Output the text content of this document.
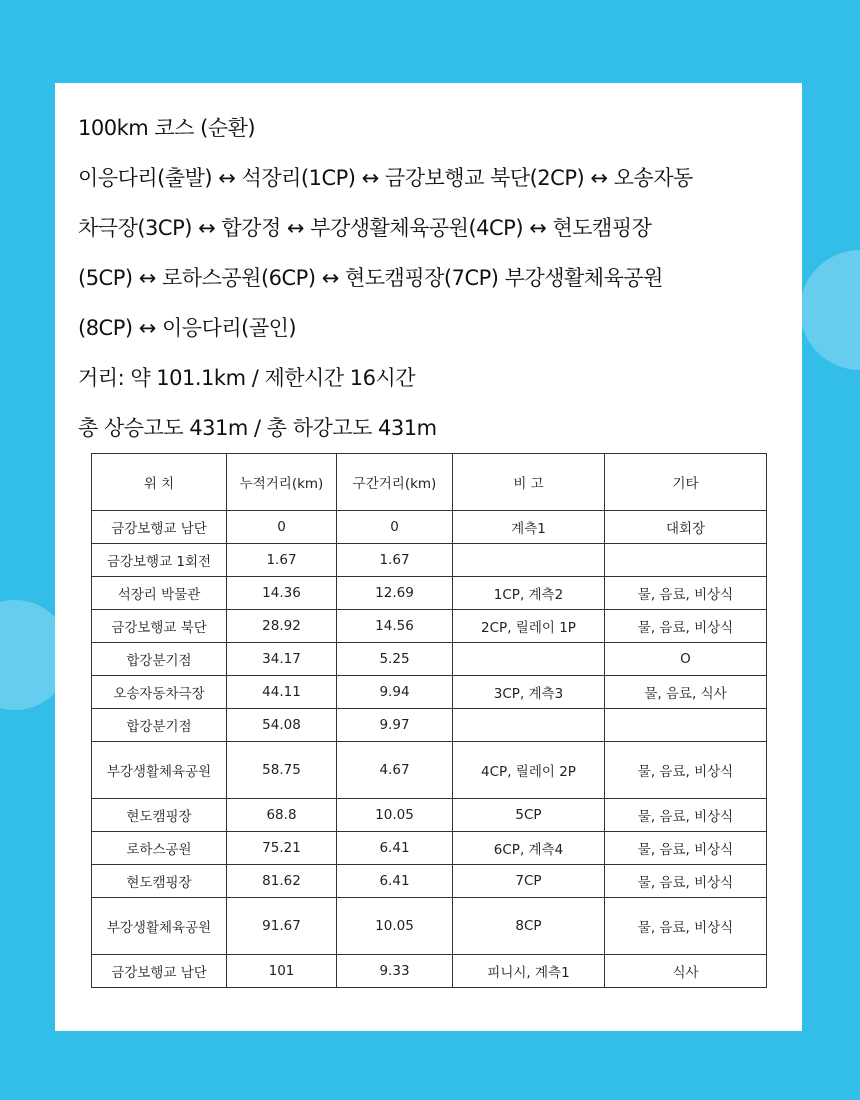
100km 코스 (순환)
이응다리(출발) ↔ 석장리(1CP) ↔ 금강보행교 북단(2CP) ↔ 오송자동
차극장(3CP) ↔ 합강정 ↔ 부강생활체육공원(4CP) ↔ 현도캠핑장
(5CP) ↔ 로하스공원(6CP) ↔ 현도캠핑장(7CP) 부강생활체육공원
(8CP) ↔ 이응다리(골인)
거리: 약 101.1km / 제한시간 16시간
총 상승고도 431m / 총 하강고도 431m
위 치	누적거리(km)	구간거리(km)	비 고	기타
금강보행교 남단	0	0	계측1	대회장
금강보행교 1회전	1.67	1.67		
석장리 박물관	14.36	12.69	1CP, 계측2	물, 음료, 비상식
금강보행교 북단	28.92	14.56	2CP, 릴레이 1P	물, 음료, 비상식
합강분기점	34.17	5.25		O
오송자동차극장	44.11	9.94	3CP, 계측3	물, 음료, 식사
합강분기점	54.08	9.97		
부강생활체육공원	58.75	4.67	4CP, 릴레이 2P	물, 음료, 비상식
현도캠핑장	68.8	10.05	5CP	물, 음료, 비상식
로하스공원	75.21	6.41	6CP, 계측4	물, 음료, 비상식
현도캠핑장	81.62	6.41	7CP	물, 음료, 비상식
부강생활체육공원	91.67	10.05	8CP	물, 음료, 비상식
금강보행교 남단	101	9.33	피니시, 계측1	식사
